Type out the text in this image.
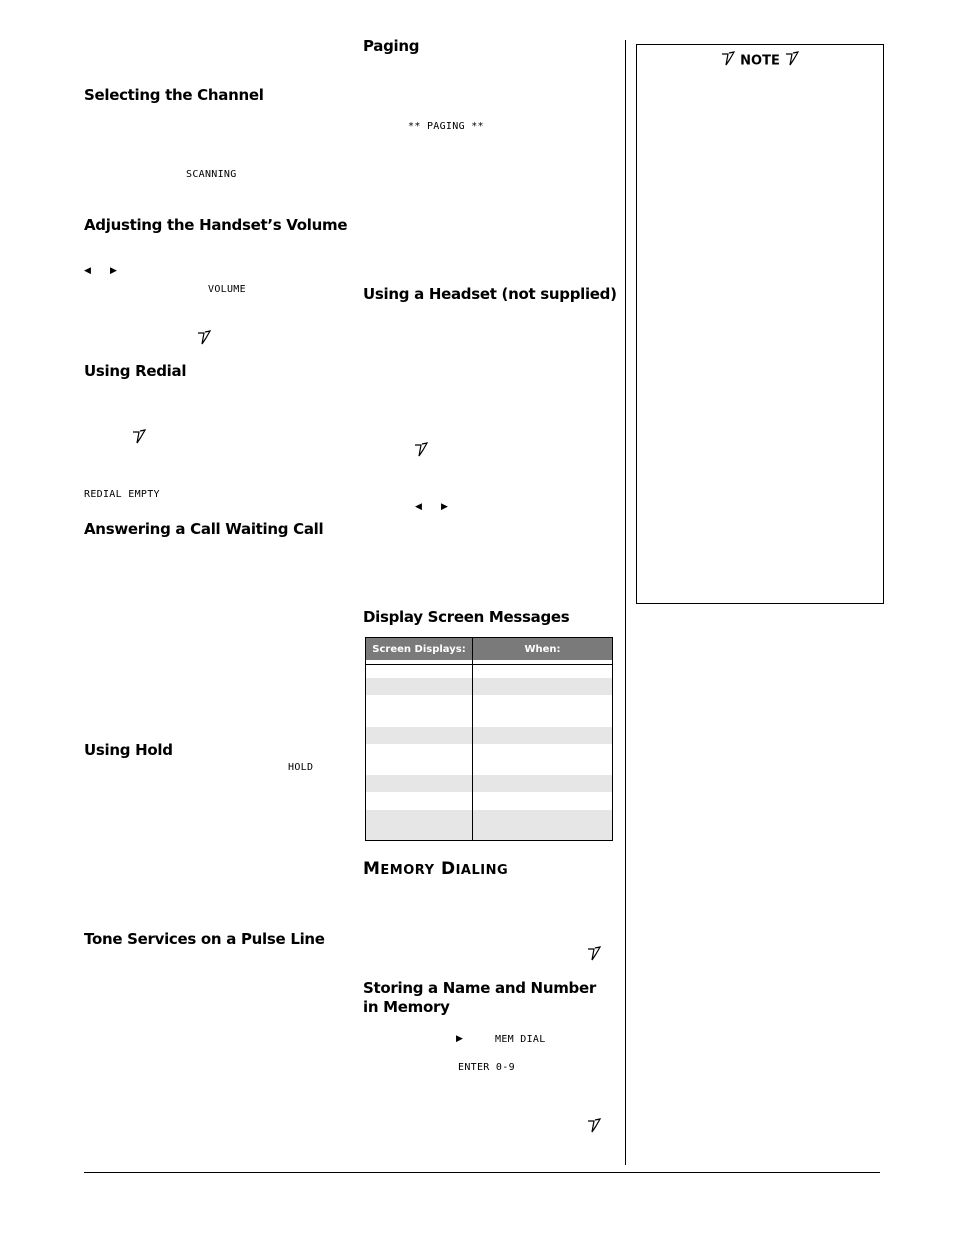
Selecting the Channel
SCANNING
Adjusting the Handset’s Volume
◀ ▶
VOLUME
Using Redial
REDIAL EMPTY
Answering a Call Waiting Call
Using Hold
HOLD
Tone Services on a Pulse Line
Paging
** PAGING **
Using a Headset (not supplied)
◀ ▶
Display Screen Messages
Screen Displays:	When:

MEMORY DIALING
Storing a Name and Number in Memory
▶	MEM DIAL
ENTER 0-9
NOTE
